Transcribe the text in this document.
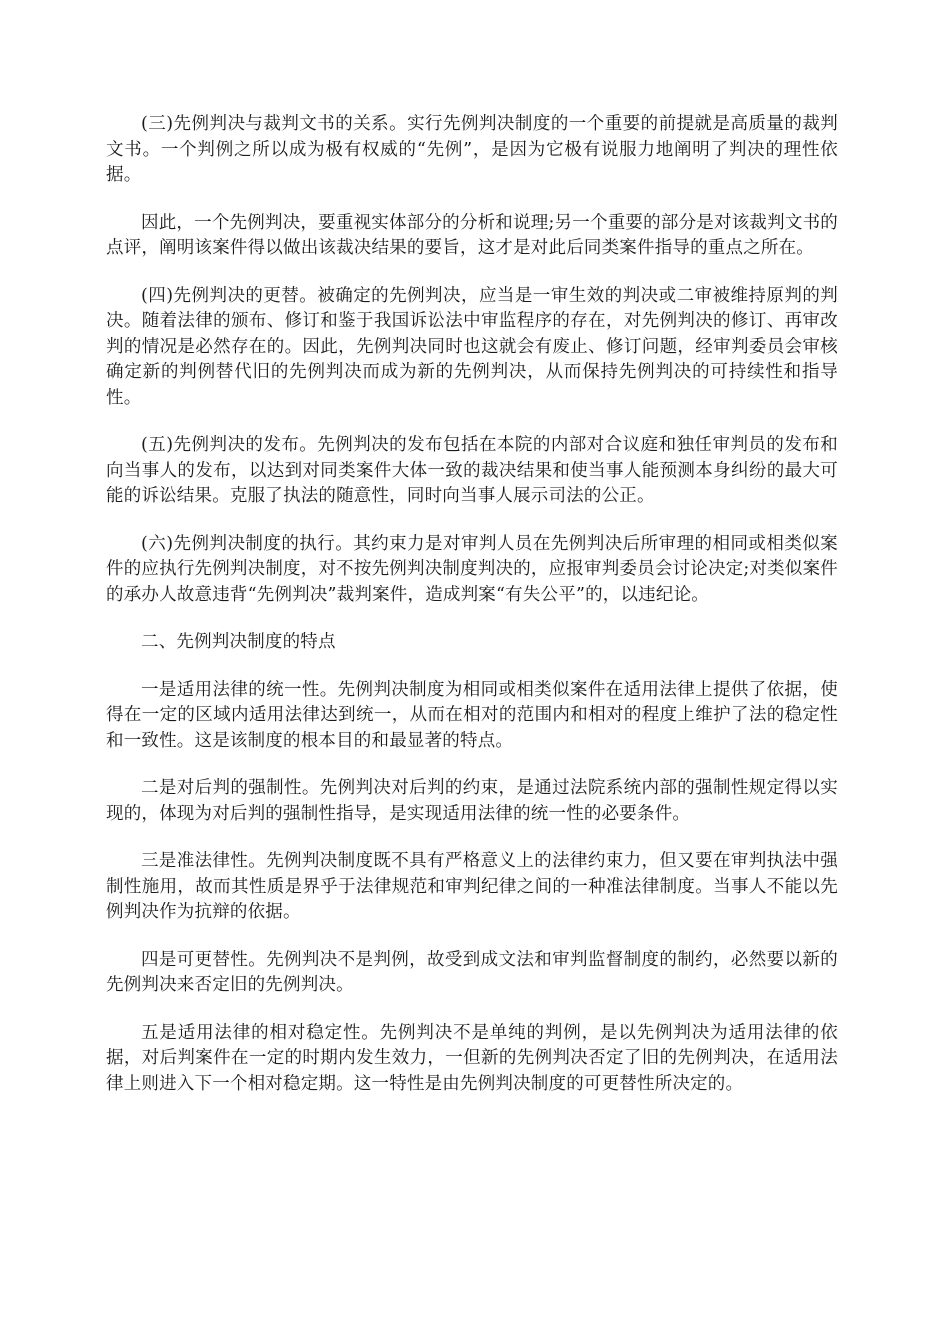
(三)先例判决与裁判文书的关系。实行先例判决制度的一个重要的前提就是高质量的裁判文书。一个判例之所以成为极有权威的“先例”，是因为它极有说服力地阐明了判决的理性依据。

因此，一个先例判决，要重视实体部分的分析和说理;另一个重要的部分是对该裁判文书的点评，阐明该案件得以做出该裁决结果的要旨，这才是对此后同类案件指导的重点之所在。

(四)先例判决的更替。被确定的先例判决，应当是一审生效的判决或二审被维持原判的判决。随着法律的颁布、修订和鉴于我国诉讼法中审监程序的存在，对先例判决的修订、再审改判的情况是必然存在的。因此，先例判决同时也这就会有废止、修订问题，经审判委员会审核确定新的判例替代旧的先例判决而成为新的先例判决，从而保持先例判决的可持续性和指导性。

(五)先例判决的发布。先例判决的发布包括在本院的内部对合议庭和独任审判员的发布和向当事人的发布，以达到对同类案件大体一致的裁决结果和使当事人能预测本身纠纷的最大可能的诉讼结果。克服了执法的随意性，同时向当事人展示司法的公正。

(六)先例判决制度的执行。其约束力是对审判人员在先例判决后所审理的相同或相类似案件的应执行先例判决制度，对不按先例判决制度判决的，应报审判委员会讨论决定;对类似案件的承办人故意违背“先例判决”裁判案件，造成判案“有失公平”的，以违纪论。

二、先例判决制度的特点

一是适用法律的统一性。先例判决制度为相同或相类似案件在适用法律上提供了依据，使得在一定的区域内适用法律达到统一，从而在相对的范围内和相对的程度上维护了法的稳定性和一致性。这是该制度的根本目的和最显著的特点。

二是对后判的强制性。先例判决对后判的约束，是通过法院系统内部的强制性规定得以实现的，体现为对后判的强制性指导，是实现适用法律的统一性的必要条件。

三是准法律性。先例判决制度既不具有严格意义上的法律约束力，但又要在审判执法中强制性施用，故而其性质是界乎于法律规范和审判纪律之间的一种准法律制度。当事人不能以先例判决作为抗辩的依据。

四是可更替性。先例判决不是判例，故受到成文法和审判监督制度的制约，必然要以新的先例判决来否定旧的先例判决。

五是适用法律的相对稳定性。先例判决不是单纯的判例，是以先例判决为适用法律的依据，对后判案件在一定的时期内发生效力，一但新的先例判决否定了旧的先例判决，在适用法律上则进入下一个相对稳定期。这一特性是由先例判决制度的可更替性所决定的。
